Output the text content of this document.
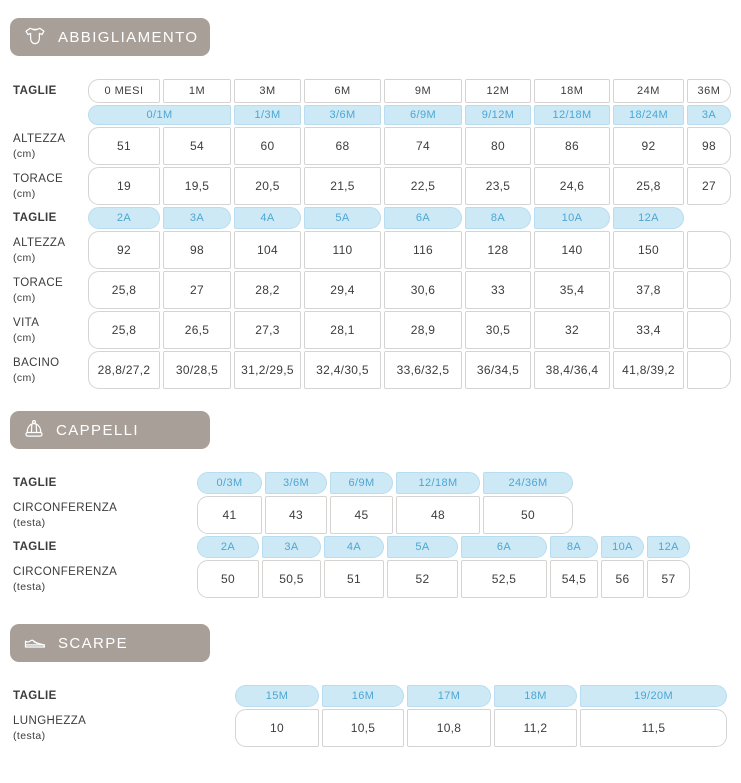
ABBIGLIAMENTO
TAGLIE	0 MESI	1M	3M	6M	9M	12M	18M	24M	36M
0/1M	1/3M	3/6M	6/9M	9/12M	12/18M	18/24M	3A
ALTEZZA
(cm)
51	54	60	68	74	80	86	92	98
TORACE
(cm)
19	19,5	20,5	21,5	22,5	23,5	24,6	25,8	27
TAGLIE	2A	3A	4A	5A	6A	8A	10A	12A
ALTEZZA
(cm)
92	98	104	110	116	128	140	150
TORACE
(cm)
25,8	27	28,2	29,4	30,6	33	35,4	37,8
VITA
(cm)
25,8	26,5	27,3	28,1	28,9	30,5	32	33,4
BACINO
(cm)
28,8/27,2	30/28,5	31,2/29,5	32,4/30,5	33,6/32,5	36/34,5	38,4/36,4	41,8/39,2
CAPPELLI
TAGLIE	0/3M	3/6M	6/9M	12/18M	24/36M
CIRCONFERENZA
(testa)
41	43	45	48	50
TAGLIE	2A	3A	4A	5A	6A	8A	10A	12A
CIRCONFERENZA
(testa)
50	50,5	51	52	52,5	54,5	56	57
SCARPE
TAGLIE	15M	16M	17M	18M	19/20M
LUNGHEZZA
(testa)
10	10,5	10,8	11,2	11,5
